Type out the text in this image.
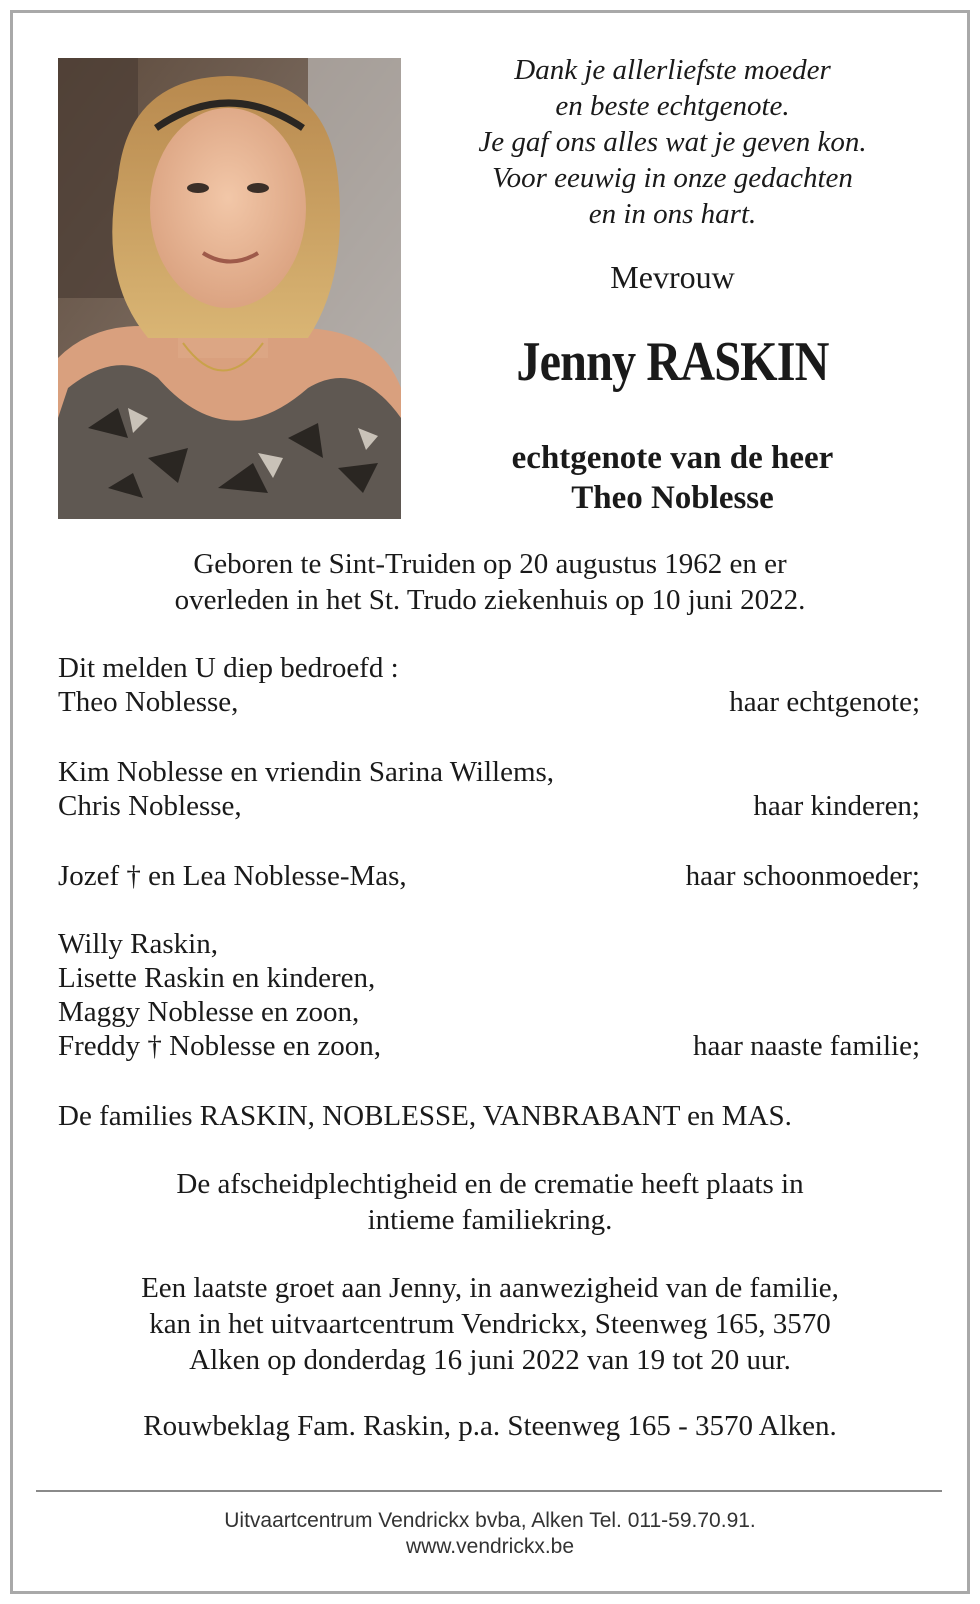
Dank je allerliefste moeder
en beste echtgenote.
Je gaf ons alles wat je geven kon.
Voor eeuwig in onze gedachten
en in ons hart.
Mevrouw
Jenny RASKIN
echtgenote van de heer
Theo Noblesse
Geboren te Sint-Truiden op 20 augustus 1962 en er
overleden in het St. Trudo ziekenhuis op 10 juni 2022.
Dit melden U diep bedroefd :
Theo Noblesse,	haar echtgenote;
Kim Noblesse en vriendin Sarina Willems,
Chris Noblesse,	haar kinderen;
Jozef † en Lea Noblesse-Mas,	haar schoonmoeder;
Willy Raskin,
Lisette Raskin en kinderen,
Maggy Noblesse en zoon,
Freddy † Noblesse en zoon,	haar naaste familie;
De families RASKIN, NOBLESSE, VANBRABANT en MAS.
De afscheidplechtigheid en de crematie heeft plaats in
intieme familiekring.
Een laatste groet aan Jenny, in aanwezigheid van de familie,
kan in het uitvaartcentrum Vendrickx, Steenweg 165, 3570
Alken op donderdag 16 juni 2022 van 19 tot 20 uur.
Rouwbeklag Fam. Raskin, p.a. Steenweg 165 - 3570 Alken.
Uitvaartcentrum Vendrickx bvba, Alken Tel. 011-59.70.91.
www.vendrickx.be
